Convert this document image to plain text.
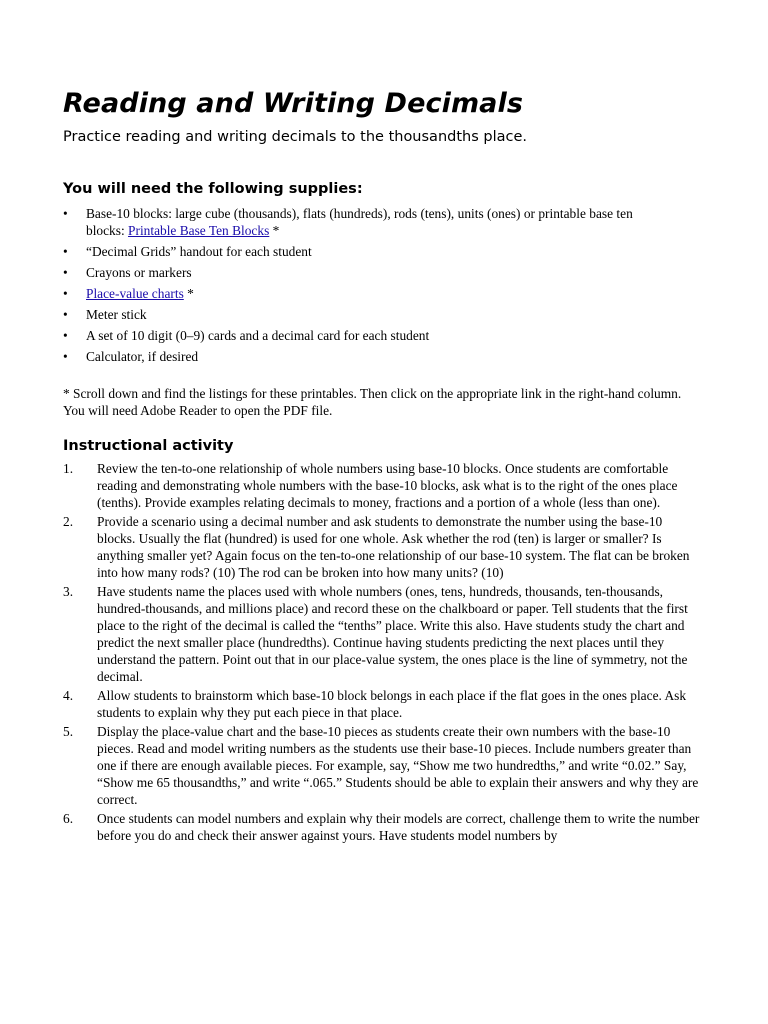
Reading and Writing Decimals

Practice reading and writing decimals to the thousandths place.

You will need the following supplies:
• Base-10 blocks: large cube (thousands), flats (hundreds), rods (tens), units (ones) or printable base ten blocks: Printable Base Ten Blocks *
• “Decimal Grids” handout for each student
• Crayons or markers
• Place-value charts *
• Meter stick
• A set of 10 digit (0–9) cards and a decimal card for each student
• Calculator, if desired

* Scroll down and find the listings for these printables. Then click on the appropriate link in the right-hand column. You will need Adobe Reader to open the PDF file.

Instructional activity
1. Review the ten-to-one relationship of whole numbers using base-10 blocks. Once students are comfortable reading and demonstrating whole numbers with the base-10 blocks, ask what is to the right of the ones place (tenths). Provide examples relating decimals to money, fractions and a portion of a whole (less than one).
2. Provide a scenario using a decimal number and ask students to demonstrate the number using the base-10 blocks. Usually the flat (hundred) is used for one whole. Ask whether the rod (ten) is larger or smaller? Is anything smaller yet? Again focus on the ten-to-one relationship of our base-10 system. The flat can be broken into how many rods? (10) The rod can be broken into how many units? (10)
3. Have students name the places used with whole numbers (ones, tens, hundreds, thousands, ten-thousands, hundred-thousands, and millions place) and record these on the chalkboard or paper. Tell students that the first place to the right of the decimal is called the “tenths” place. Write this also. Have students study the chart and predict the next smaller place (hundredths). Continue having students predicting the next places until they understand the pattern. Point out that in our place-value system, the ones place is the line of symmetry, not the decimal.
4. Allow students to brainstorm which base-10 block belongs in each place if the flat goes in the ones place. Ask students to explain why they put each piece in that place.
5. Display the place-value chart and the base-10 pieces as students create their own numbers with the base-10 pieces. Read and model writing numbers as the students use their base-10 pieces. Include numbers greater than one if there are enough available pieces. For example, say, “Show me two hundredths,” and write “0.02.” Say, “Show me 65 thousandths,” and write “.065.” Students should be able to explain their answers and why they are correct.
6. Once students can model numbers and explain why their models are correct, challenge them to write the number before you do and check their answer against yours. Have students model numbers by
